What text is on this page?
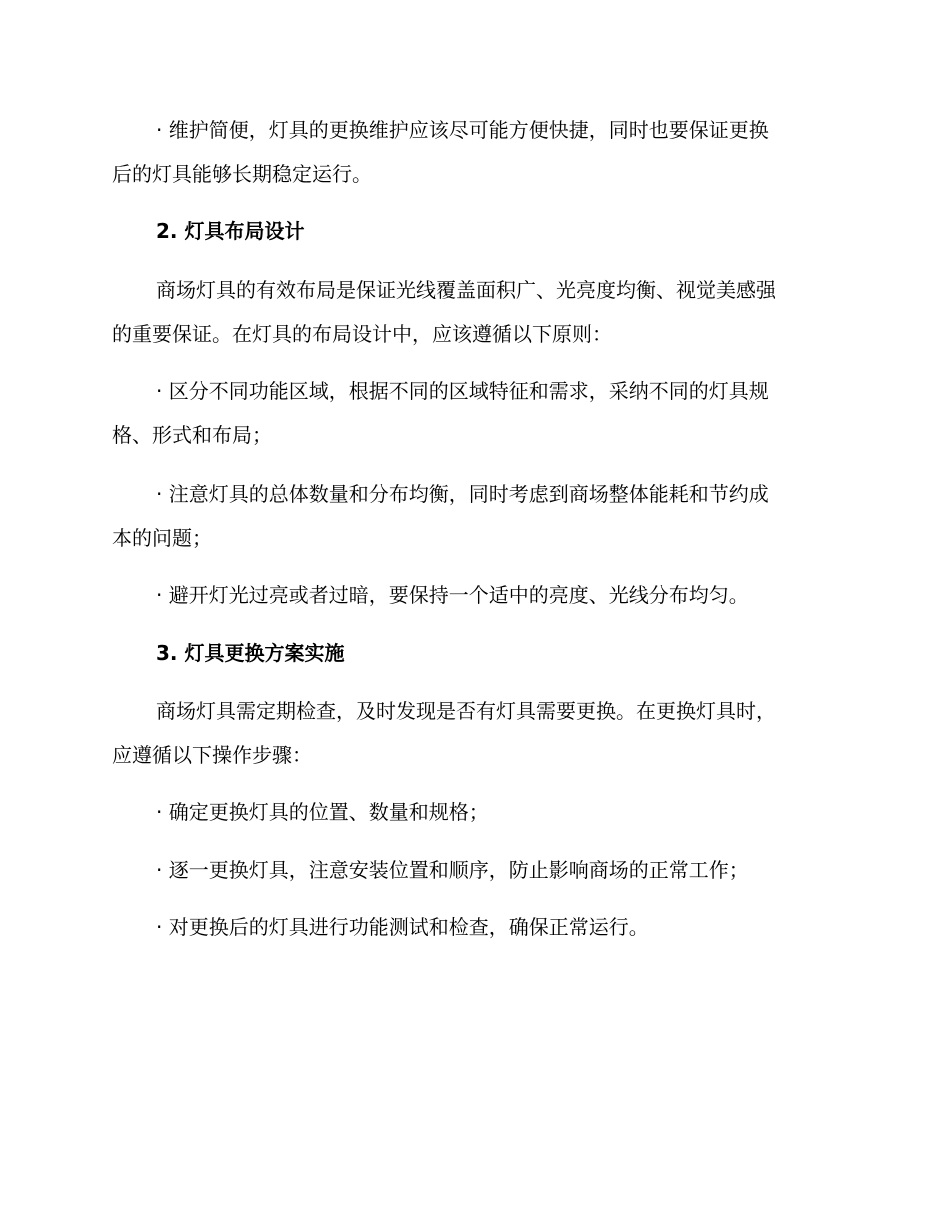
· 维护简便，灯具的更换维护应该尽可能方便快捷，同时也要保证更换
后的灯具能够长期稳定运行。

2. 灯具布局设计

商场灯具的有效布局是保证光线覆盖面积广、光亮度均衡、视觉美感强
的重要保证。在灯具的布局设计中，应该遵循以下原则：

· 区分不同功能区域，根据不同的区域特征和需求，采纳不同的灯具规
格、形式和布局；

· 注意灯具的总体数量和分布均衡，同时考虑到商场整体能耗和节约成
本的问题；

· 避开灯光过亮或者过暗，要保持一个适中的亮度、光线分布均匀。

3. 灯具更换方案实施

商场灯具需定期检查，及时发现是否有灯具需要更换。在更换灯具时，
应遵循以下操作步骤：

· 确定更换灯具的位置、数量和规格；

· 逐一更换灯具，注意安装位置和顺序，防止影响商场的正常工作；

· 对更换后的灯具进行功能测试和检查，确保正常运行。
